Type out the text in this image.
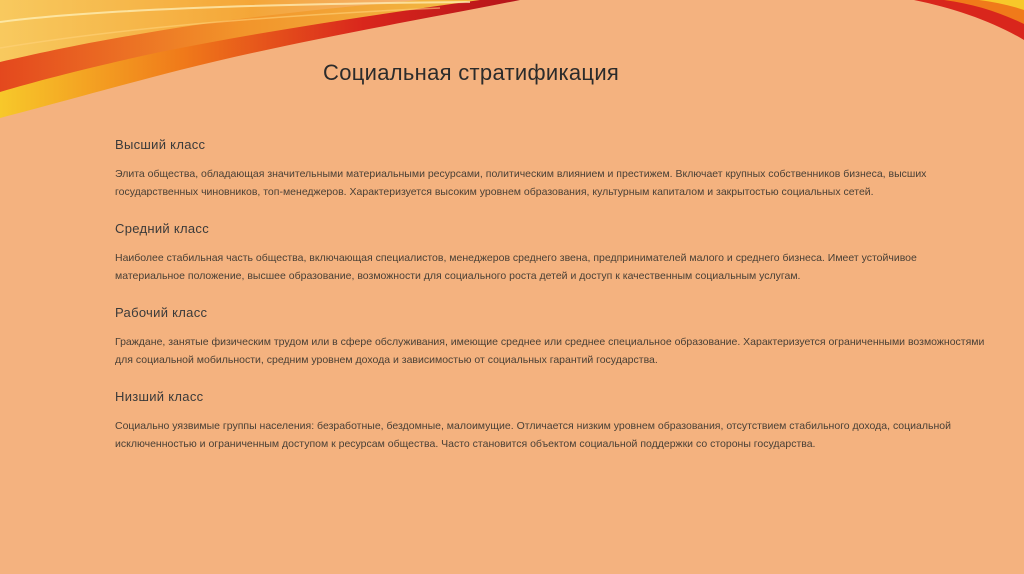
Социальная стратификация

Высший класс

Элита общества, обладающая значительными материальными ресурсами, политическим влиянием и престижем. Включает крупных собственников бизнеса, высших государственных чиновников, топ-менеджеров. Характеризуется высоким уровнем образования, культурным капиталом и закрытостью социальных сетей.

Средний класс

Наиболее стабильная часть общества, включающая специалистов, менеджеров среднего звена, предпринимателей малого и среднего бизнеса. Имеет устойчивое материальное положение, высшее образование, возможности для социального роста детей и доступ к качественным социальным услугам.

Рабочий класс

Граждане, занятые физическим трудом или в сфере обслуживания, имеющие среднее или среднее специальное образование. Характеризуется ограниченными возможностями для социальной мобильности, средним уровнем дохода и зависимостью от социальных гарантий государства.

Низший класс

Социально уязвимые группы населения: безработные, бездомные, малоимущие. Отличается низким уровнем образования, отсутствием стабильного дохода, социальной исключенностью и ограниченным доступом к ресурсам общества. Часто становится объектом социальной поддержки со стороны государства.
